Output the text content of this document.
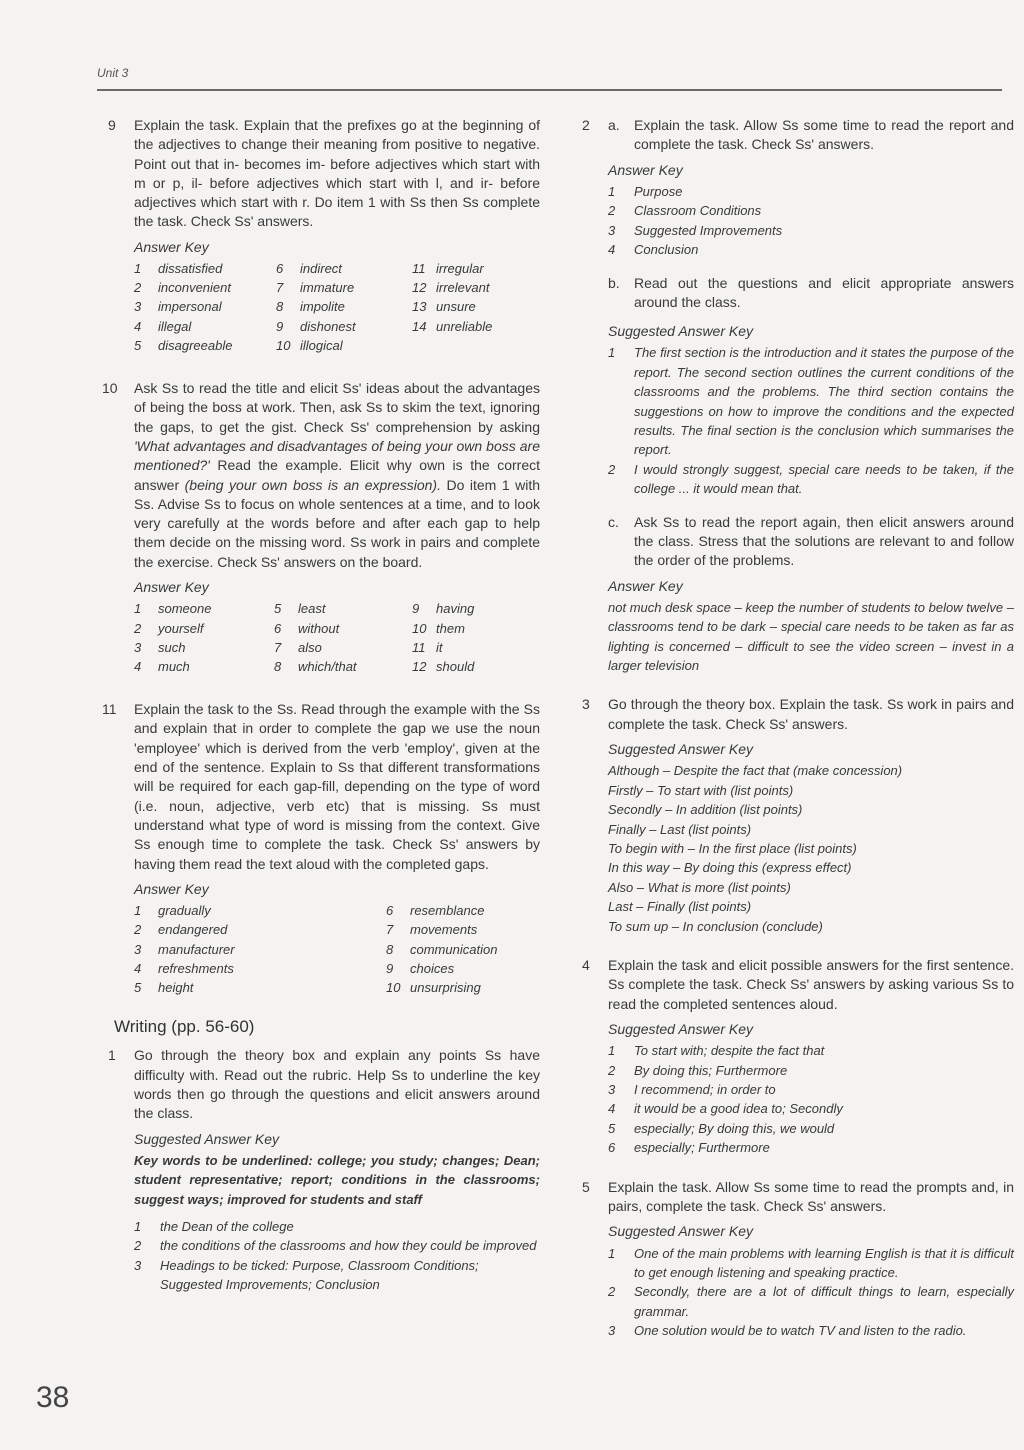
Unit 3
38
9 Explain the task. Explain that the prefixes go at the beginning of the adjectives to change their meaning from positive to negative. Point out that in- becomes im- before adjectives which start with m or p, il- before adjectives which start with l, and ir- before adjectives which start with r. Do item 1 with Ss then Ss complete the task. Check Ss' answers.

Answer Key

1 dissatisfied	6 indirect	11 irregular
2 inconvenient	7 immature	12 irrelevant
3 impersonal	8 impolite	13 unsure
4 illegal	9 dishonest	14 unreliable
5 disagreeable	10 illogical
10 Ask Ss to read the title and elicit Ss' ideas about the advantages of being the boss at work. Then, ask Ss to skim the text, ignoring the gaps, to get the gist. Check Ss' comprehension by asking 'What advantages and disadvantages of being your own boss are mentioned?' Read the example. Elicit why own is the correct answer (being your own boss is an expression). Do item 1 with Ss. Advise Ss to focus on whole sentences at a time, and to look very carefully at the words before and after each gap to help them decide on the missing word. Ss work in pairs and complete the exercise. Check Ss' answers on the board.

Answer Key

1 someone	5 least	9 having
2 yourself	6 without	10 them
3 such	7 also	11 it
4 much	8 which/that	12 should
11 Explain the task to the Ss. Read through the example with the Ss and explain that in order to complete the gap we use the noun 'employee' which is derived from the verb 'employ', given at the end of the sentence. Explain to Ss that different transformations will be required for each gap-fill, depending on the type of word (i.e. noun, adjective, verb etc) that is missing. Ss must understand what type of word is missing from the context. Give Ss enough time to complete the task. Check Ss' answers by having them read the text aloud with the completed gaps.

Answer Key

1 gradually	6 resemblance
2 endangered	7 movements
3 manufacturer	8 communication
4 refreshments	9 choices
5 height	10 unsurprising
Writing (pp. 56-60)
1 Go through the theory box and explain any points Ss have difficulty with. Read out the rubric. Help Ss to underline the key words then go through the questions and elicit answers around the class.

Suggested Answer Key

Key words to be underlined: college; you study; changes; Dean; student representative; report; conditions in the classrooms; suggest ways; improved for students and staff

1 the Dean of the college
2 the conditions of the classrooms and how they could be improved
3 Headings to be ticked: Purpose, Classroom Conditions; Suggested Improvements; Conclusion
2 a. Explain the task. Allow Ss some time to read the report and complete the task. Check Ss' answers.

Answer Key

1 Purpose
2 Classroom Conditions
3 Suggested Improvements
4 Conclusion
b. Read out the questions and elicit appropriate answers around the class.

Suggested Answer Key

1 The first section is the introduction and it states the purpose of the report. The second section outlines the current conditions of the classrooms and the problems. The third section contains the suggestions on how to improve the conditions and the expected results. The final section is the conclusion which summarises the report.
2 I would strongly suggest, special care needs to be taken, if the college ... it would mean that.
c. Ask Ss to read the report again, then elicit answers around the class. Stress that the solutions are relevant to and follow the order of the problems.

Answer Key

not much desk space – keep the number of students to below twelve – classrooms tend to be dark – special care needs to be taken as far as lighting is concerned – difficult to see the video screen – invest in a larger television

3 Go through the theory box. Explain the task. Ss work in pairs and complete the task. Check Ss' answers.

Suggested Answer Key

Although – Despite the fact that (make concession)
Firstly – To start with (list points)
Secondly – In addition (list points)
Finally – Last (list points)
To begin with – In the first place (list points)
In this way – By doing this (express effect)
Also – What is more (list points)
Last – Finally (list points)
To sum up – In conclusion (conclude)
4 Explain the task and elicit possible answers for the first sentence. Ss complete the task. Check Ss' answers by asking various Ss to read the completed sentences aloud.

Suggested Answer Key

1 To start with; despite the fact that
2 By doing this; Furthermore
3 I recommend; in order to
4 it would be a good idea to; Secondly
5 especially; By doing this, we would
6 especially; Furthermore
5 Explain the task. Allow Ss some time to read the prompts and, in pairs, complete the task. Check Ss' answers.

Suggested Answer Key

1 One of the main problems with learning English is that it is difficult to get enough listening and speaking practice.
2 Secondly, there are a lot of difficult things to learn, especially grammar.
3 One solution would be to watch TV and listen to the radio.
